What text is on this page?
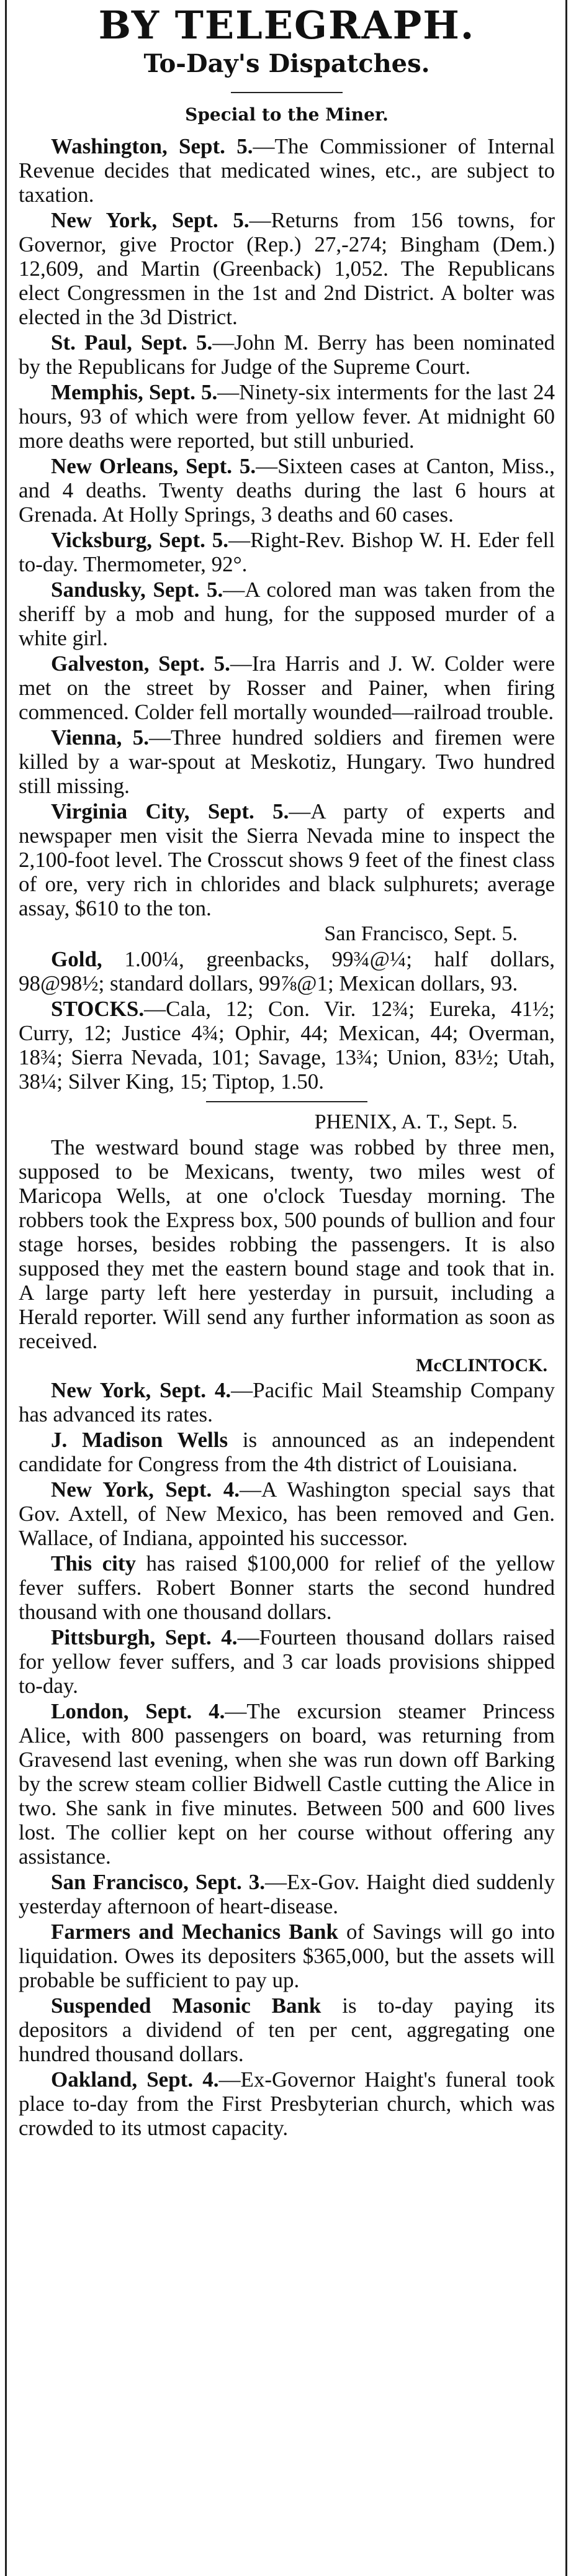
BY TELEGRAPH.
To-Day's Dispatches.
Special to the Miner.

Washington, Sept. 5.—The Commissioner of Internal Revenue decides that medicated wines, etc., are subject to taxation.

New York, Sept. 5.—Returns from 156 towns, for Governor, give Proctor (Rep.) 27,-274; Bingham (Dem.) 12,609, and Martin (Greenback) 1,052. The Republicans elect Congressmen in the 1st and 2nd District. A bolter was elected in the 3d District.

St. Paul, Sept. 5.—John M. Berry has been nominated by the Republicans for Judge of the Supreme Court.

Memphis, Sept. 5.—Ninety-six interments for the last 24 hours, 93 of which were from yellow fever. At midnight 60 more deaths were reported, but still unburied.

New Orleans, Sept. 5.—Sixteen cases at Canton, Miss., and 4 deaths. Twenty deaths during the last 6 hours at Grenada. At Holly Springs, 3 deaths and 60 cases.

Vicksburg, Sept. 5.—Right-Rev. Bishop W. H. Eder fell to-day. Thermometer, 92°.

Sandusky, Sept. 5.—A colored man was taken from the sheriff by a mob and hung, for the supposed murder of a white girl.

Galveston, Sept. 5.—Ira Harris and J. W. Colder were met on the street by Rosser and Painer, when firing commenced. Colder fell mortally wounded—railroad trouble.

Vienna, 5.—Three hundred soldiers and firemen were killed by a war-spout at Meskotiz, Hungary. Two hundred still missing.

Virginia City, Sept. 5.—A party of experts and newspaper men visit the Sierra Nevada mine to inspect the 2,100-foot level. The Crosscut shows 9 feet of the finest class of ore, very rich in chlorides and black sulphurets; average assay, $610 to the ton.

San Francisco, Sept. 5.

Gold, 1.00¼, greenbacks, 99¾@¼; half dollars, 98@98½; standard dollars, 99⅞@1; Mexican dollars, 93.

STOCKS.—Cala, 12; Con. Vir. 12¾; Eureka, 41½; Curry, 12; Justice 4¾; Ophir, 44; Mexican, 44; Overman, 18¾; Sierra Nevada, 101; Savage, 13¾; Union, 83½; Utah, 38¼; Silver King, 15; Tiptop, 1.50.

PHENIX, A. T., Sept. 5.

The westward bound stage was robbed by three men, supposed to be Mexicans, twenty, two miles west of Maricopa Wells, at one o'clock Tuesday morning. The robbers took the Express box, 500 pounds of bullion and four stage horses, besides robbing the passengers. It is also supposed they met the eastern bound stage and took that in. A large party left here yesterday in pursuit, including a Herald reporter. Will send any further information as soon as received.

McCLINTOCK.

New York, Sept. 4.—Pacific Mail Steamship Company has advanced its rates.

J. Madison Wells is announced as an independent candidate for Congress from the 4th district of Louisiana.

New York, Sept. 4.—A Washington special says that Gov. Axtell, of New Mexico, has been removed and Gen. Wallace, of Indiana, appointed his successor.

This city has raised $100,000 for relief of the yellow fever suffers. Robert Bonner starts the second hundred thousand with one thousand dollars.

Pittsburgh, Sept. 4.—Fourteen thousand dollars raised for yellow fever suffers, and 3 car loads provisions shipped to-day.

London, Sept. 4.—The excursion steamer Princess Alice, with 800 passengers on board, was returning from Gravesend last evening, when she was run down off Barking by the screw steam collier Bidwell Castle cutting the Alice in two. She sank in five minutes. Between 500 and 600 lives lost. The collier kept on her course without offering any assistance.

San Francisco, Sept. 3.—Ex-Gov. Haight died suddenly yesterday afternoon of heart-disease.

Farmers and Mechanics Bank of Savings will go into liquidation. Owes its depositers $365,000, but the assets will probable be sufficient to pay up.

Suspended Masonic Bank is to-day paying its depositors a dividend of ten per cent, aggregating one hundred thousand dollars.

Oakland, Sept. 4.—Ex-Governor Haight's funeral took place to-day from the First Presbyterian church, which was crowded to its utmost capacity.
